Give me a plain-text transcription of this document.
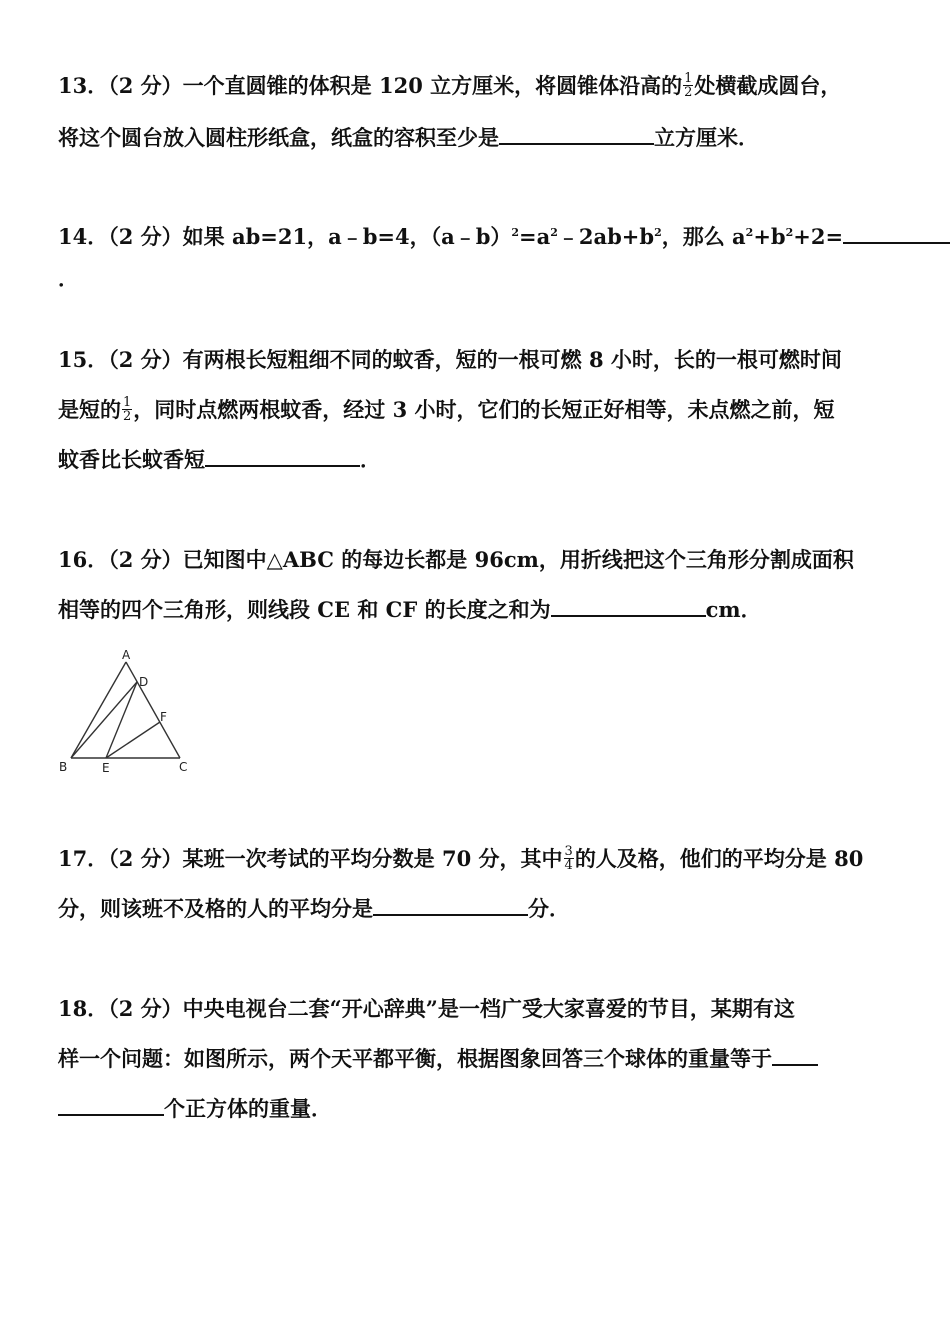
13．（2 分）一个直圆锥的体积是 120 立方厘米，将圆锥体沿高的 $\frac{1}{2}$ 处横截成圆台，
将这个圆台放入圆柱形纸盒，纸盒的容积至少是	立方厘米．
14．（2 分）如果 ab=21，a﹣b=4，$(a﹣b)^2=a^2﹣2ab+b^2$，那么 $a^2+b^2+2=$
．
15．（2 分）有两根长短粗细不同的蚊香，短的一根可燃 8 小时，长的一根可燃时间
是短的 $\frac{1}{2}$ ，同时点燃两根蚊香，经过 3 小时，它们的长短正好相等，未点燃之前，短
蚊香比长蚊香短	．
16．（2 分）已知图中△ABC 的每边长都是 96cm，用折线把这个三角形分割成面积
相等的四个三角形，则线段 CE 和 CF 的长度之和为	cm．
A
D
F
B	E	C
17．（2 分）某班一次考试的平均分数是 70 分，其中 $\frac{3}{4}$ 的人及格，他们的平均分是 80
分，则该班不及格的人的平均分是	分．
18．（2 分）中央电视台二套“开心辞典”是一档广受大家喜爱的节目，某期有这
样一个问题：如图所示，两个天平都平衡，根据图象回答三个球体的重量等于
个正方体的重量．
